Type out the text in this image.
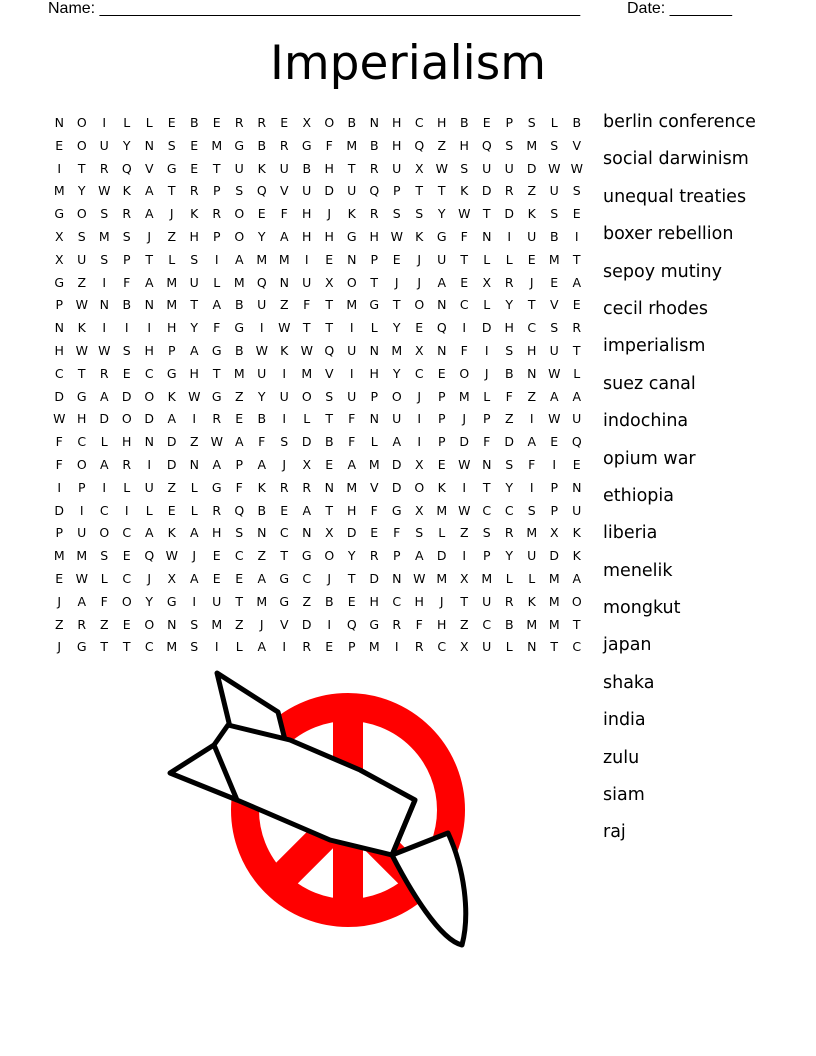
Name: ______________________________________________________	Date: _______
Imperialism
N	O	I	L	L	E	B	E	R	R	E	X	O	B	N	H	C	H	B	E	P	S	L	B
E	O	U	Y	N	S	E	M G	B	R	G	F	M	B	H	Q	Z	H	Q	S	M	S	V
I	T	R	Q	V	G	E	T	U	K	U	B	H	T	R	U	X W S	U	U	D W W
M	Y	W K	A	T	R	P	S	Q	V	U	D	U	Q	P	T	T	K	D	R	Z	U	S
G	O	S	R	A	J	K	R	O	E	F	H	J	K	R	S	S	Y	W T	D	K	S	E
X	S	M	S	J	Z	H	P	O	Y	A	H	H	G	H W K	G	F	N	I	U	B	I
X	U	S	P	T	L	S	I	A	M M	I	E	N	P	E	J	U	T	L	L	E	M	T
G	Z	I	F	A	M	U	L	M Q	N	U	X	O	T	J	J	A	E	X	R	J	E	A
P	W N	B	N M	T	A	B	U	Z	F	T	M G	T	O	N	C	L	Y	T	V	E
N	K	I	I	I	H	Y	F	G	I	W T	T	I	L	Y	E	Q	I	D	H	C	S	R
H W W S	H	P	A	G	B W K W Q	U	N M	X	N	F	I	S	H	U	T
C	T	R	E	C	G	H	T	M	U	I	M	V	I	H	Y	C	E	O	J	B	N W	L
D	G	A	D	O	K W G	Z	Y	U	O	S	U	P	O	J	P	M	L	F	Z	A	A
W H	D	O	D	A	I	R	E	B	I	L	T	F	N	U	I	P	J	P	Z	I	W U
F	C	L	H	N	D	Z W A	F	S	D	B	F	L	A	I	P	D	F	D	A	E	Q
F	O	A	R	I	D	N	A	P	A	J	X	E	A	M D	X	E W N	S	F	I	E
I	P	I	L	U	Z	L	G	F	K	R	R	N M	V	D	O	K	I	T	Y	I	P	N
D	I	C	I	L	E	L	R	Q	B	E	A	T	H	F	G	X	M W C	C	S	P	U
P	U	O	C	A	K	A	H	S	N	C	N	X	D	E	F	S	L	Z	S	R	M	X	K
M M	S	E	Q W	J	E	C	Z	T	G	O	Y	R	P	A	D	I	P	Y	U	D	K
E W	L	C	J	X	A	E	E	A	G	C	J	T	D	N W M	X	M	L	L	M	A
J	A	F	O	Y	G	I	U	T	M G	Z	B	E	H	C	H	J	T	U	R	K	M O
Z	R	Z	E	O	N	S	M	Z	J	V	D	I	Q	G	R	F	H	Z	C	B	M M	T
J	G	T	T	C	M	S	I	L	A	I	R	E	P	M	I	R	C	X	U	L	N	T	C
berlin conference
social darwinism
unequal treaties
boxer rebellion
sepoy mutiny
cecil rhodes
imperialism
suez canal
indochina
opium war
ethiopia
liberia
menelik
mongkut
japan
shaka
india
zulu
siam
raj
